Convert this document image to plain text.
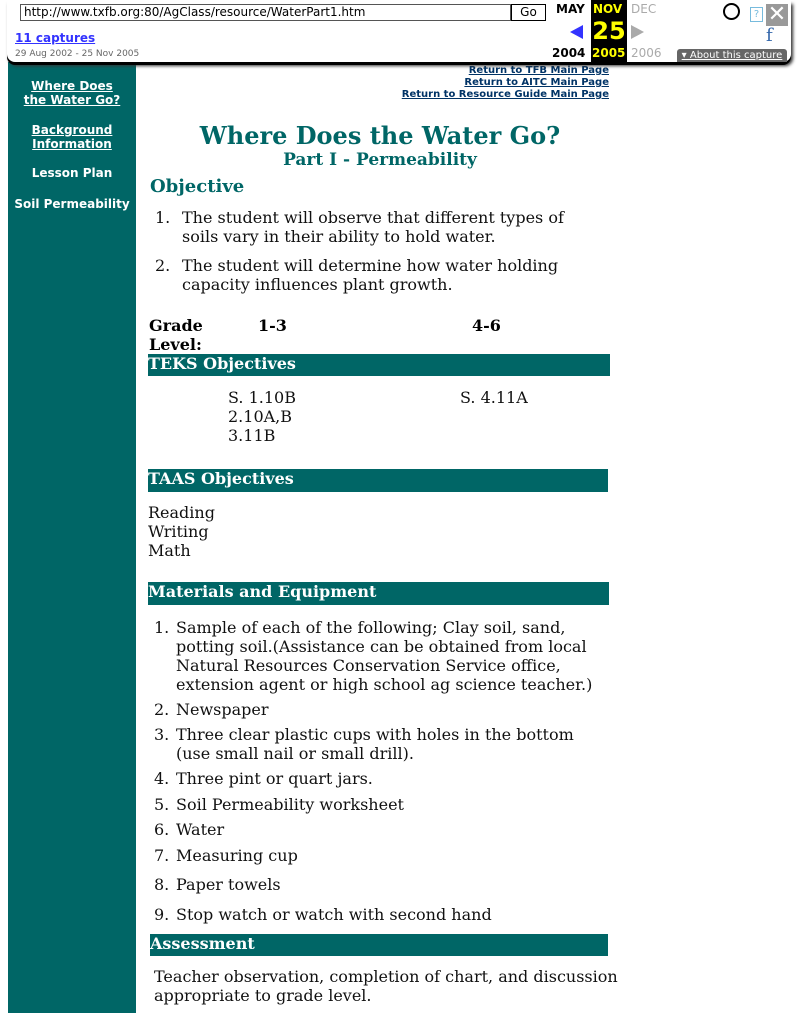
http://www.txfb.org:80/AgClass/resource/WaterPart1.htm	Go
11 captures
29 Aug 2002 - 25 Nov 2005
MAY NOV DEC
25
2004 2005 2006
? ✕
f
▾ About this capture
Where Does
the Water Go?
Background
Information
Lesson Plan
Soil Permeability
Return to TFB Main Page
Return to AITC Main Page
Return to Resource Guide Main Page
Where Does the Water Go?
Part I - Permeability
Objective
1. The student will observe that different types of
soils vary in their ability to hold water.
2. The student will determine how water holding
capacity influences plant growth.
Grade
Level:
1-3	4-6
TEKS Objectives
S. 1.10B
2.10A,B
3.11B
S. 4.11A
TAAS Objectives
Reading
Writing
Math
Materials and Equipment
1. Sample of each of the following; Clay soil, sand,
potting soil.(Assistance can be obtained from local
Natural Resources Conservation Service office,
extension agent or high school ag science teacher.)
2. Newspaper
3. Three clear plastic cups with holes in the bottom
(use small nail or small drill).
4. Three pint or quart jars.
5. Soil Permeability worksheet
6. Water
7. Measuring cup
8. Paper towels
9. Stop watch or watch with second hand
Assessment
Teacher observation, completion of chart, and discussion
appropriate to grade level.
